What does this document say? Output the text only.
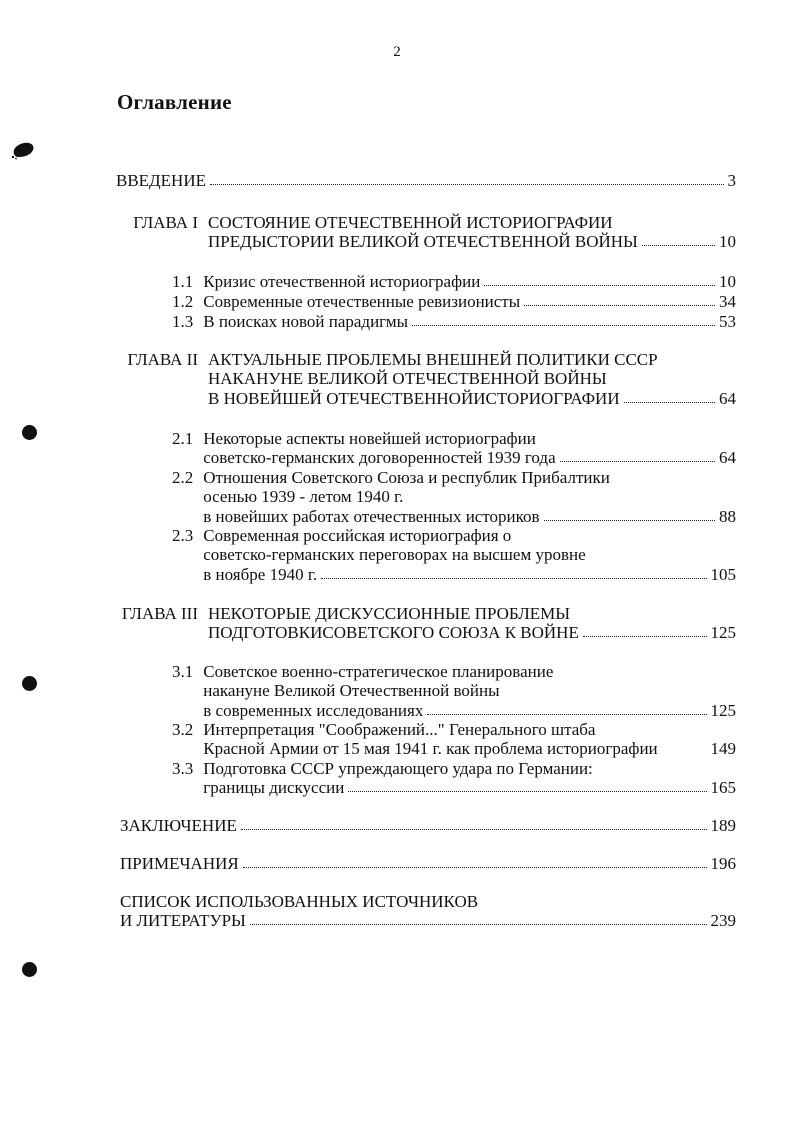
2
Оглавление
ВВЕДЕНИЕ	3
ГЛАВА I СОСТОЯНИЕ ОТЕЧЕСТВЕННОЙ ИСТОРИОГРАФИИ
ПРЕДЫСТОРИИ ВЕЛИКОЙ ОТЕЧЕСТВЕННОЙ ВОЙНЫ	10
1.1 Кризис отечественной историографии	10
1.2 Современные отечественные ревизионисты	34
1.3 В поисках новой парадигмы	53
ГЛАВА II АКТУАЛЬНЫЕ ПРОБЛЕМЫ ВНЕШНЕЙ ПОЛИТИКИ СССР
НАКАНУНЕ ВЕЛИКОЙ ОТЕЧЕСТВЕННОЙ ВОЙНЫ
В НОВЕЙШЕЙ ОТЕЧЕСТВЕННОЙИСТОРИОГРАФИИ	64
2.1 Некоторые аспекты новейшей историографии
советско-германских договоренностей 1939 года	64
2.2 Отношения Советского Союза и республик Прибалтики
осенью 1939 - летом 1940 г.
в новейших работах отечественных историков	88
2.3 Современная российская историография о
советско-германских переговорах на высшем уровне
в ноябре 1940 г.	105
ГЛАВА III НЕКОТОРЫЕ ДИСКУССИОННЫЕ ПРОБЛЕМЫ
ПОДГОТОВКИСОВЕТСКОГО СОЮЗА К ВОЙНЕ	125
3.1 Советское военно-стратегическое планирование
накануне Великой Отечественной войны
в современных исследованиях	125
3.2 Интерпретация "Соображений..." Генерального штаба
Красной Армии от 15 мая 1941 г. как проблема историографии	149
3.3 Подготовка СССР упреждающего удара по Германии:
границы дискуссии	165
ЗАКЛЮЧЕНИЕ	189
ПРИМЕЧАНИЯ	196
СПИСОК ИСПОЛЬЗОВАННЫХ ИСТОЧНИКОВ
И ЛИТЕРАТУРЫ	239
